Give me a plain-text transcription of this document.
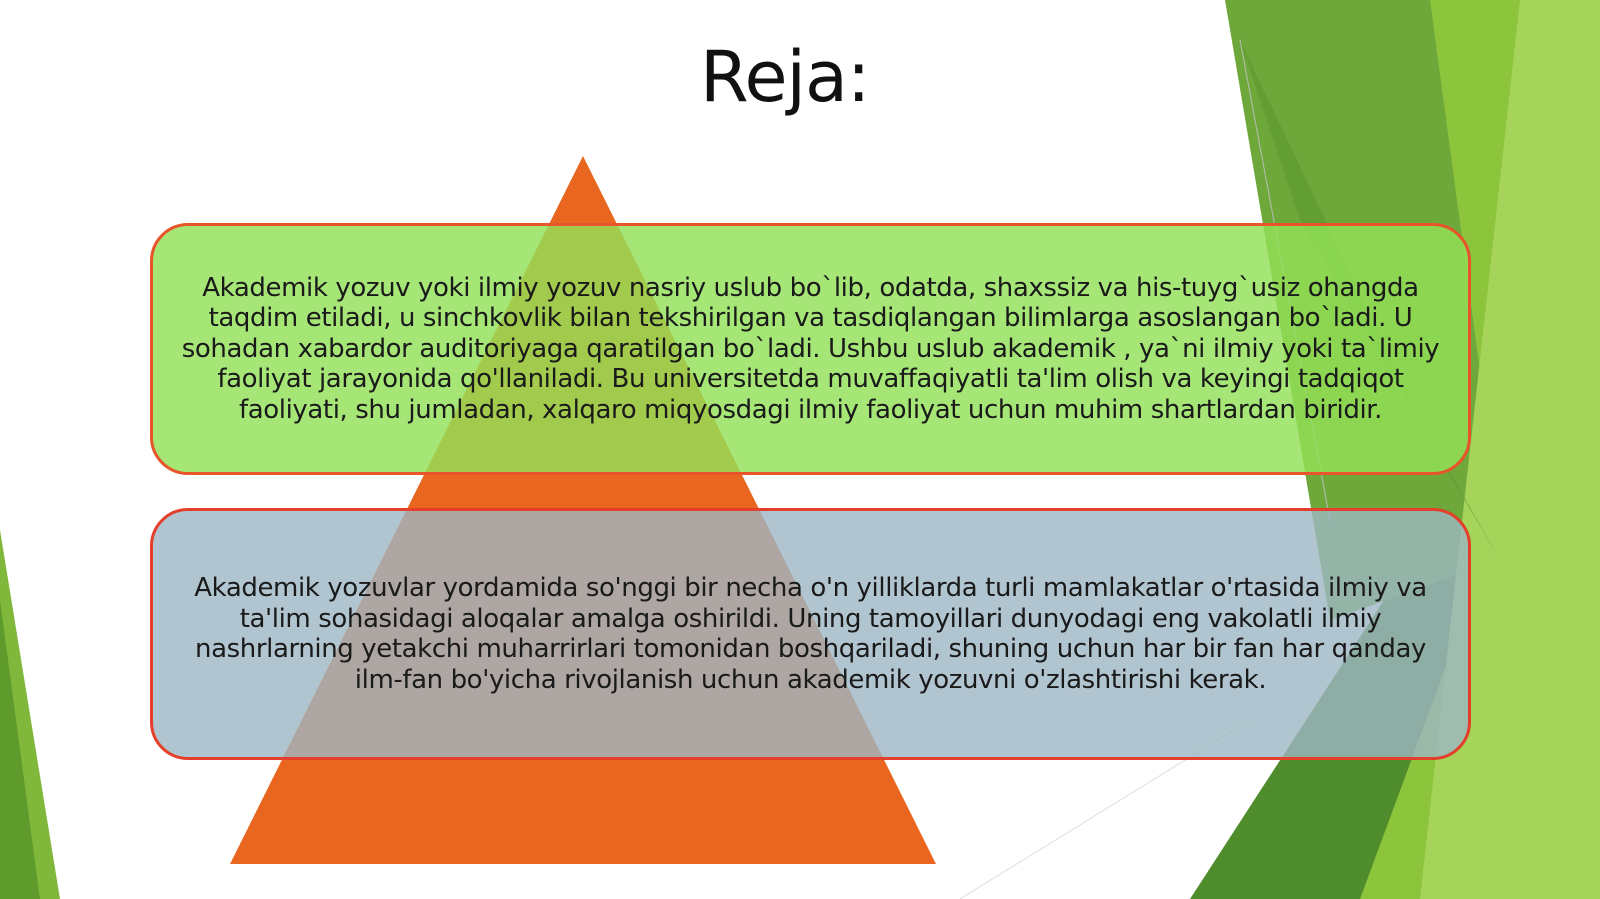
Reja:
Akademik yozuv yoki ilmiy yozuv nasriy uslub bo`lib, odatda, shaxssiz va his-tuyg`usiz ohangda taqdim etiladi, u sinchkovlik bilan tekshirilgan va tasdiqlangan bilimlarga asoslangan bo`ladi. U sohadan xabardor auditoriyaga qaratilgan bo`ladi. Ushbu uslub akademik , ya`ni ilmiy yoki ta`limiy faoliyat jarayonida qo'llaniladi. Bu universitetda muvaffaqiyatli ta'lim olish va keyingi tadqiqot faoliyati, shu jumladan, xalqaro miqyosdagi ilmiy faoliyat uchun muhim shartlardan biridir.
Akademik yozuvlar yordamida so'nggi bir necha o'n yilliklarda turli mamlakatlar o'rtasida ilmiy va ta'lim sohasidagi aloqalar amalga oshirildi. Uning tamoyillari dunyodagi eng vakolatli ilmiy nashrlarning yetakchi muharrirlari tomonidan boshqariladi, shuning uchun har bir fan har qanday ilm-fan bo'yicha rivojlanish uchun akademik yozuvni o'zlashtirishi kerak.
